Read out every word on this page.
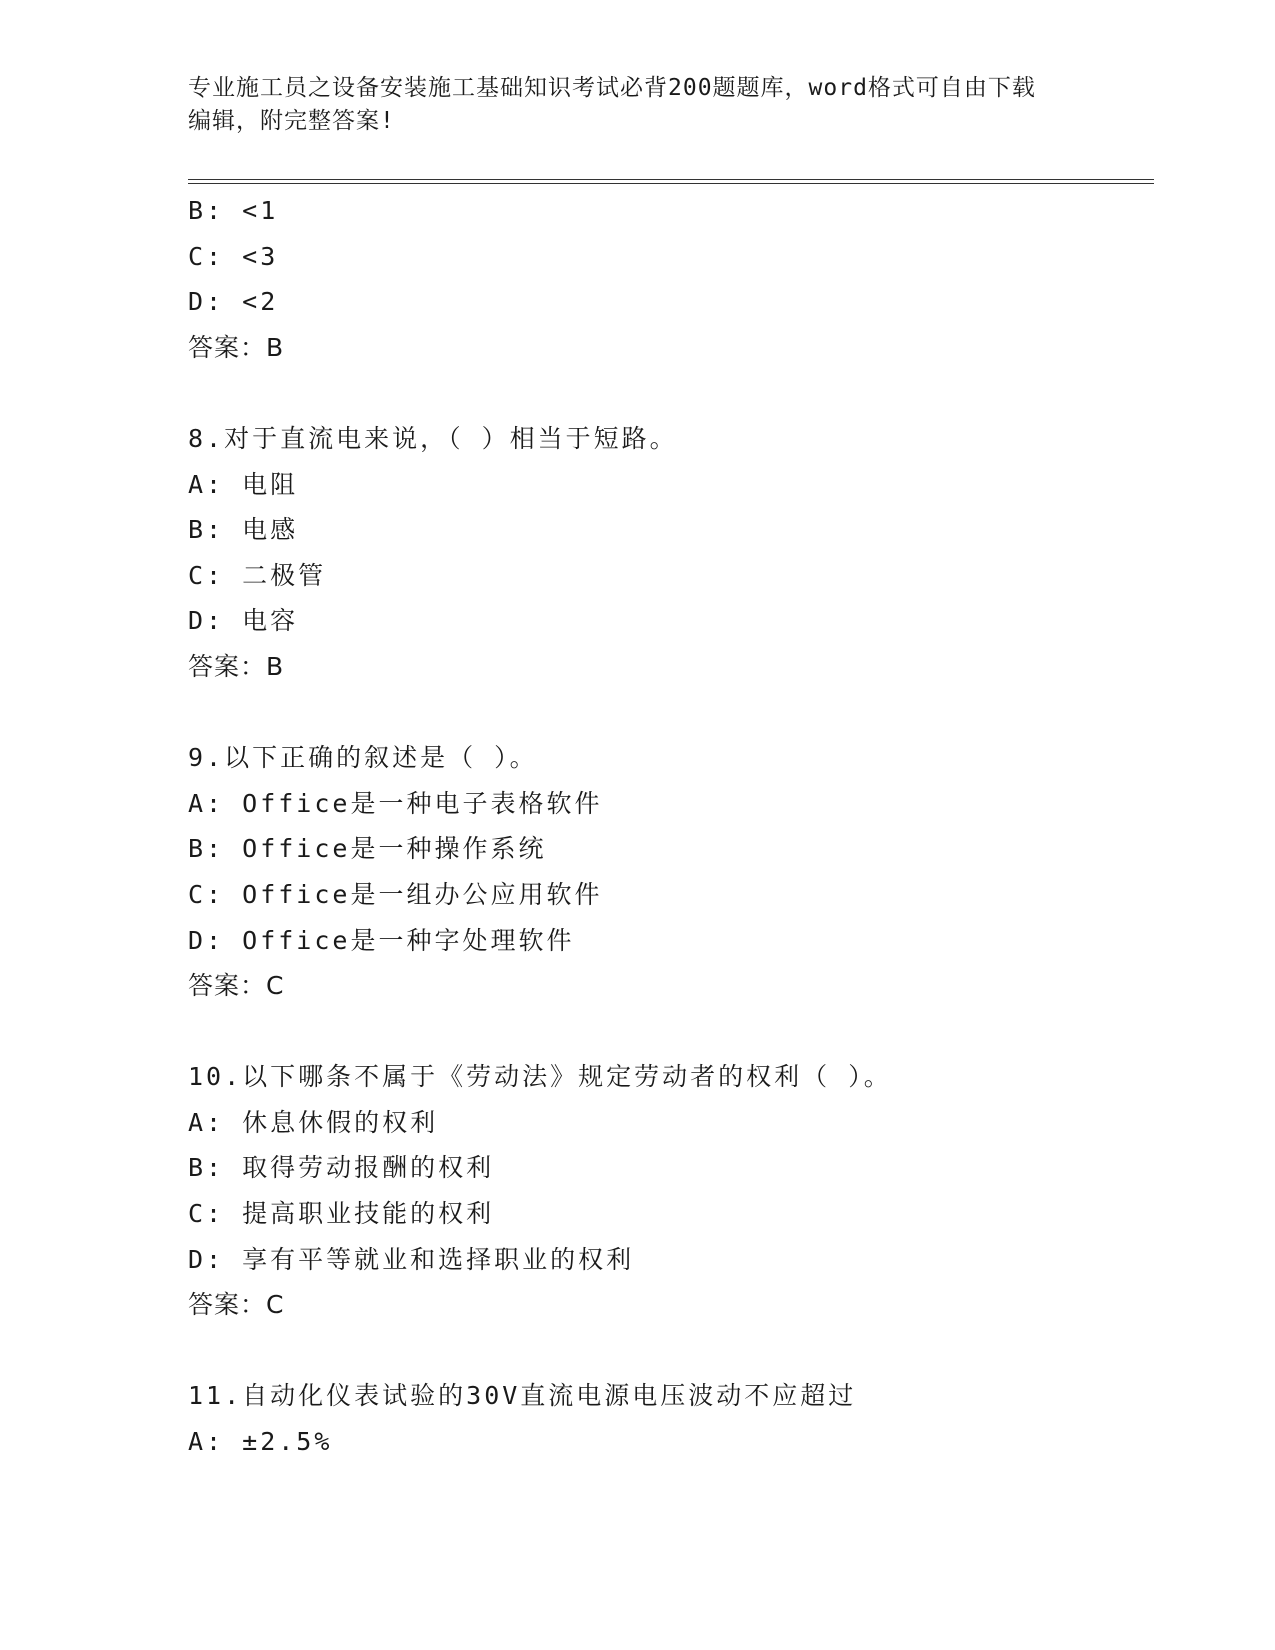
专业施工员之设备安装施工基础知识考试必背200题题库，word格式可自由下载
编辑，附完整答案!
B: <1
C: <3
D: <2
答案：B
8.对于直流电来说，（ ）相当于短路。
A: 电阻
B: 电感
C: 二极管
D: 电容
答案：B
9.以下正确的叙述是（ ）。
A: Office是一种电子表格软件
B: Office是一种操作系统
C: Office是一组办公应用软件
D: Office是一种字处理软件
答案：C
10.以下哪条不属于《劳动法》规定劳动者的权利（ ）。
A: 休息休假的权利
B: 取得劳动报酬的权利
C: 提高职业技能的权利
D: 享有平等就业和选择职业的权利
答案：C
11.自动化仪表试验的30V直流电源电压波动不应超过
A: ±2.5%
